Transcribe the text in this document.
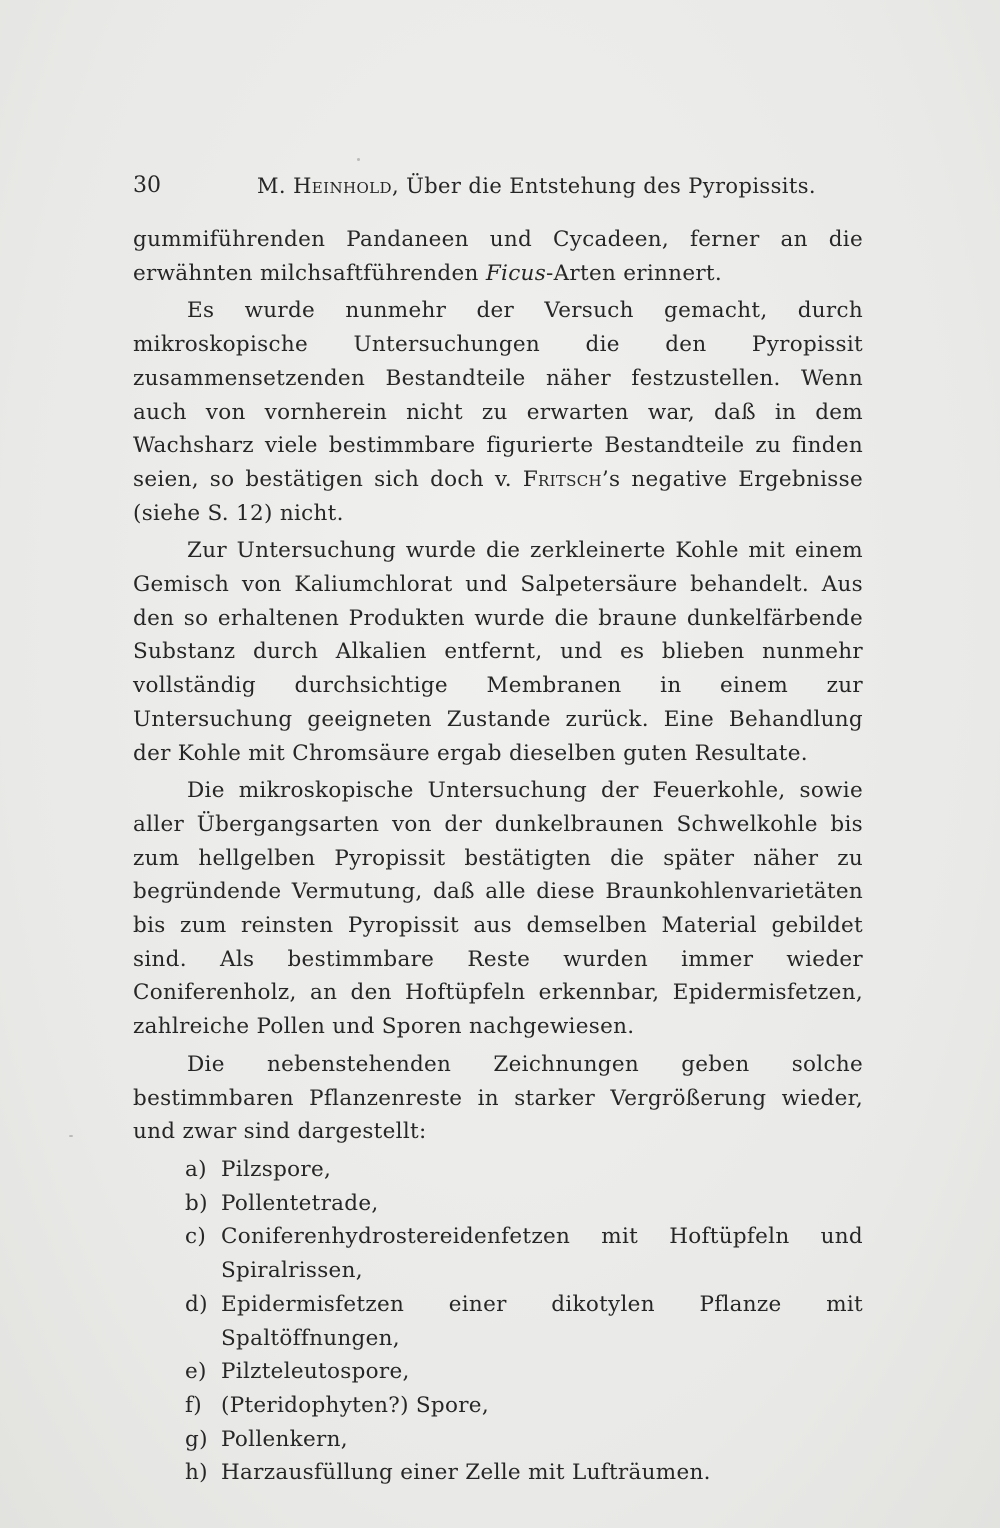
30	M. Heinhold, Über die Entstehung des Pyropissits.

gummiführenden Pandaneen und Cycadeen, ferner an die erwähnten milchsaftführenden Ficus-Arten erinnert.

Es wurde nunmehr der Versuch gemacht, durch mikroskopische Untersuchungen die den Pyropissit zusammensetzenden Bestandteile näher festzustellen. Wenn auch von vornherein nicht zu erwarten war, daß in dem Wachsharz viele bestimmbare figurierte Bestandteile zu finden seien, so bestätigen sich doch v. Fritsch’s negative Ergebnisse (siehe S. 12) nicht.

Zur Untersuchung wurde die zerkleinerte Kohle mit einem Gemisch von Kaliumchlorat und Salpetersäure behandelt. Aus den so erhaltenen Produkten wurde die braune dunkelfärbende Substanz durch Alkalien entfernt, und es blieben nunmehr vollständig durchsichtige Membranen in einem zur Untersuchung geeigneten Zustande zurück. Eine Behandlung der Kohle mit Chromsäure ergab dieselben guten Resultate.

Die mikroskopische Untersuchung der Feuerkohle, sowie aller Übergangsarten von der dunkelbraunen Schwelkohle bis zum hellgelben Pyropissit bestätigten die später näher zu begründende Vermutung, daß alle diese Braunkohlenvarietäten bis zum reinsten Pyropissit aus demselben Material gebildet sind. Als bestimmbare Reste wurden immer wieder Coniferenholz, an den Hoftüpfeln erkennbar, Epidermisfetzen, zahlreiche Pollen und Sporen nachgewiesen.

Die nebenstehenden Zeichnungen geben solche bestimmbaren Pflanzenreste in starker Vergrößerung wieder, und zwar sind dargestellt:

a) Pilzspore,
b) Pollentetrade,
c) Coniferenhydrostereidenfetzen mit Hoftüpfeln und Spiralrissen,
d) Epidermisfetzen einer dikotylen Pflanze mit Spaltöffnungen,
e) Pilzteleutospore,
f) (Pteridophyten?) Spore,
g) Pollenkern,
h) Harzausfüllung einer Zelle mit Lufträumen.
